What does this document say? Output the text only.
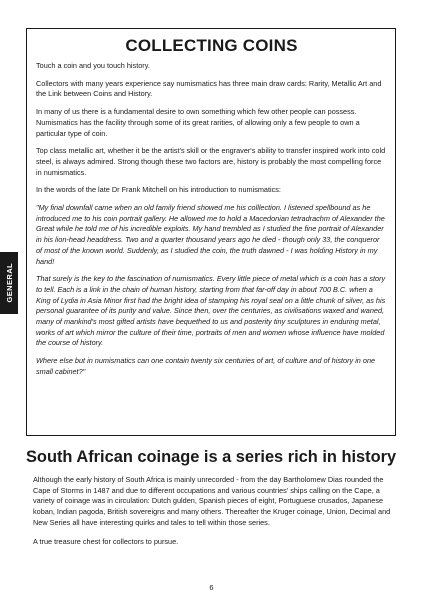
GENERAL
COLLECTING COINS

Touch a coin and you touch history.

Collectors with many years experience say numismatics has three main draw cards: Rarity, Metallic Art and the Link between Coins and History.

In many of us there is a fundamental desire to own something which few other people can possess. Numismatics has the facility through some of its great rarities, of allowing only a few people to own a particular type of coin.

Top class metallic art, whether it be the artist's skill or the engraver's ability to transfer inspired work into cold steel, is always admired. Strong though these two factors are, history is probably the most compelling force in numismatics.

In the words of the late Dr Frank Mitchell on his introduction to numismatics:

"My final downfall came when an old family friend showed me his colllection. I listened spellbound as he introduced me to his coin portrait gallery. He allowed me to hold a Macedonian tetradrachm of Alexander the Great while he told me of his incredible exploits. My hand trembled as I studied the fine portrait of Alexander in his lion-head headdress. Two and a quarter thousand years ago he died - though only 33, the conqueror of most of the known world. Suddenly, as I studied the coin, the truth dawned - I was holding History in my hand!

That surely is the key to the fascination of numismatics. Every little piece of metal which is a coin has a story to tell. Each is a link in the chain of human history, starting from that far-off day in about 700 B.C. when a King of Lydia in Asia Minor first had the bright idea of stamping his royal seal on a little chunk of silver, as his personal guarantee of its purity and value. Since then, over the centuries, as civilisations waxed and waned, many of mankind's most gifted artists have bequethed to us and posterity tiny sculptures in enduring metal, works of art which mirror the culture of their time, portraits of men and women whose influence have molded the course of history.

Where else but in numismatics can one contain twenty six centuries of art, of culture and of history in one small cabinet?"

South African coinage is a series rich in history

Although the early history of South Africa is mainly unrecorded - from the day Bartholomew Dias rounded the Cape of Storms in 1487 and due to different occupations and various countries' ships calling on the Cape, a variety of coinage was in circulation: Dutch gulden, Spanish pieces of eight, Portuguese crusados, Japanese koban, Indian pagoda, British sovereigns and many others. Thereafter the Kruger coinage, Union, Decimal and New Series all have interesting quirks and tales to tell within those series.

A true treasure chest for collectors to pursue.

6
